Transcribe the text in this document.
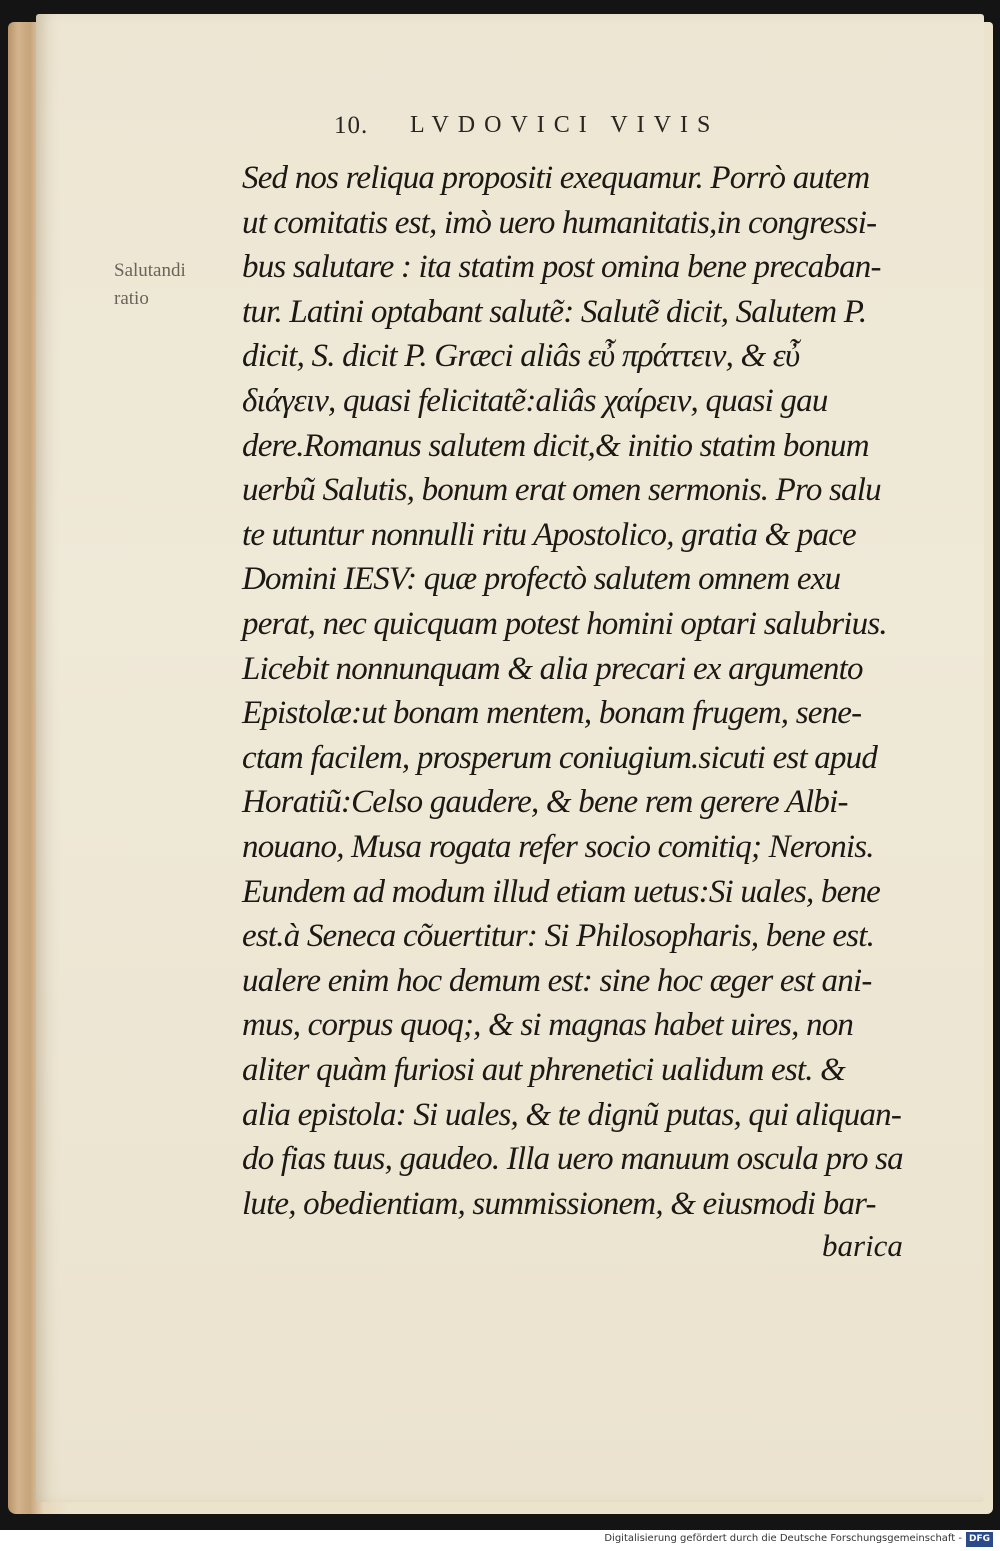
10. LVDOVICI VIVIS
Salutandi
ratio
Sed nos reliqua propositi exequamur. Porrò autem
ut comitatis est, imò uero humanitatis,in congressi-
bus salutare : ita statim post omina bene precaban-
tur. Latini optabant salutẽ: Salutẽ dicit, Salutem P.
dicit, S. dicit P. Græci aliâs εὖ πράττειν, & εὖ
διάγειν, quasi felicitatẽ:aliâs χαίρειν, quasi gau
dere.Romanus salutem dicit,& initio statim bonum
uerbũ Salutis, bonum erat omen sermonis. Pro salu
te utuntur nonnulli ritu Apostolico, gratia & pace
Domini IESV: quæ profectò salutem omnem exu
perat, nec quicquam potest homini optari salubrius.
Licebit nonnunquam & alia precari ex argumento
Epistolæ:ut bonam mentem, bonam frugem, sene-
ctam facilem, prosperum coniugium.sicuti est apud
Horatiũ:Celso gaudere, & bene rem gerere Albi-
nouano, Musa rogata refer socio comitiq; Neronis.
Eundem ad modum illud etiam uetus:Si uales, bene
est.à Seneca cõuertitur: Si Philosopharis, bene est.
ualere enim hoc demum est: sine hoc æger est ani-
mus, corpus quoq;, & si magnas habet uires, non
aliter quàm furiosi aut phrenetici ualidum est. &
alia epistola: Si uales, & te dignũ putas, qui aliquan-
do fias tuus, gaudeo. Illa uero manuum oscula pro sa
lute, obedientiam, summissionem, & eiusmodi bar-
barica
Digitalisierung gefördert durch die Deutsche Forschungsgemeinschaft - DFG
